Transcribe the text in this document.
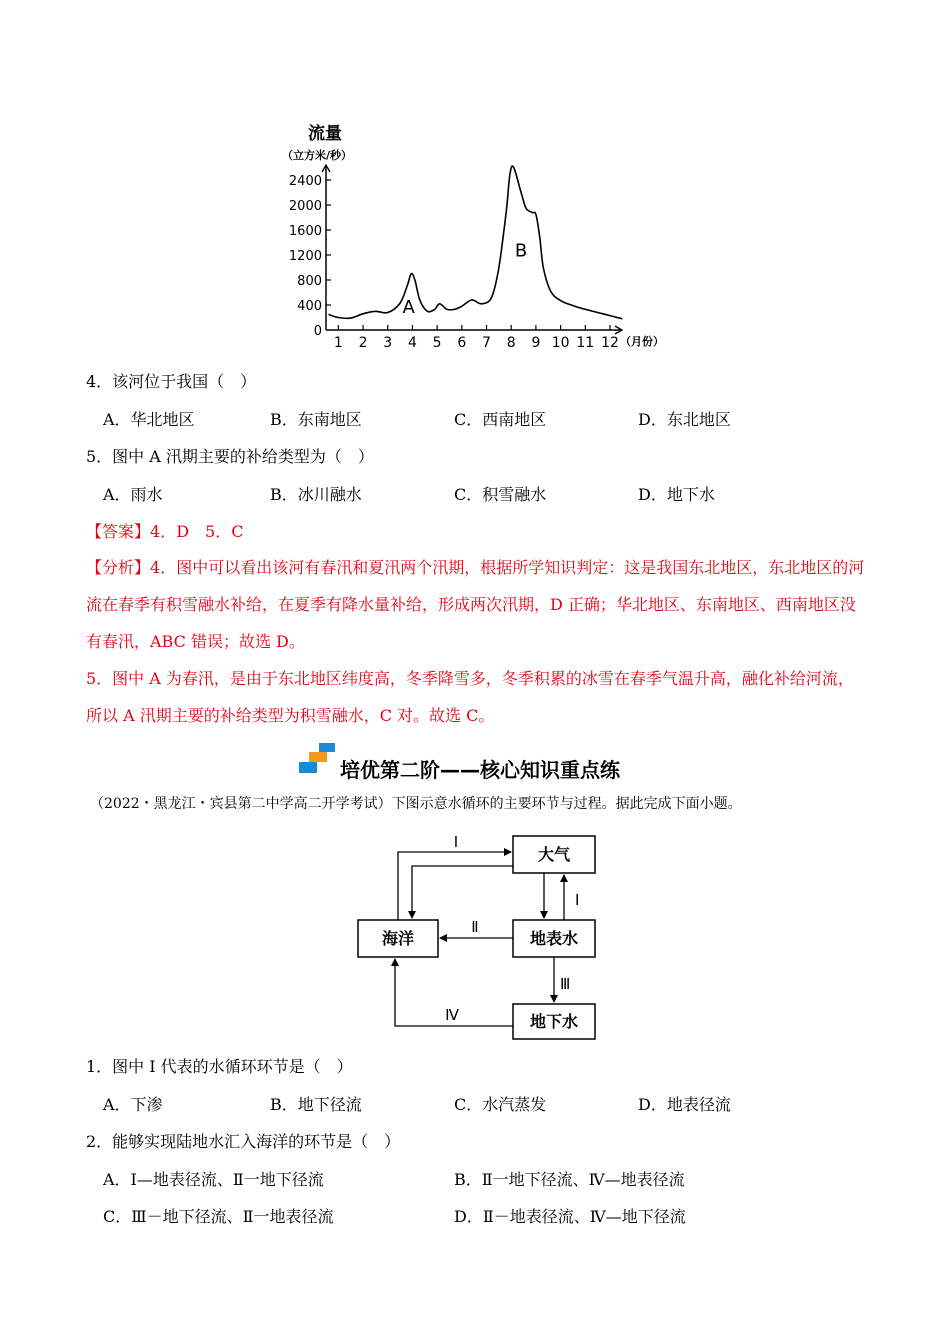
流量
（立方米/秒）
2400
2000
1600
1200
800
400
0
1 2 3 4 5 6 7 8 9 10 11 12 （月份）
A
B
4．该河位于我国（　）
A．华北地区	B．东南地区	C．西南地区	D．东北地区
5．图中 A 汛期主要的补给类型为（　）
A．雨水	B．冰川融水	C．积雪融水	D．地下水
【答案】4．D　5．C
【分析】4．图中可以看出该河有春汛和夏汛两个汛期，根据所学知识判定：这是我国东北地区，东北地区的河流在春季有积雪融水补给，在夏季有降水量补给，形成两次汛期，D 正确；华北地区、东南地区、西南地区没有春汛，ABC 错误；故选 D。
5．图中 A 为春汛，是由于东北地区纬度高，冬季降雪多，冬季积累的冰雪在春季气温升高，融化补给河流，所以 A 汛期主要的补给类型为积雪融水，C 对。故选 C。
培优第二阶——核心知识重点练
（2022・黑龙江・宾县第二中学高二开学考试）下图示意水循环的主要环节与过程。据此完成下面小题。
大气
海洋	地表水
地下水
Ⅰ
Ⅰ
Ⅱ
Ⅲ
Ⅳ
1．图中 Ⅰ 代表的水循环环节是（　）
A．下渗	B．地下径流	C．水汽蒸发	D．地表径流
2．能够实现陆地水汇入海洋的环节是（　）
A．Ⅰ—地表径流、Ⅱ一地下径流	B．Ⅱ一地下径流、Ⅳ—地表径流
C．Ⅲ－地下径流、Ⅱ一地表径流	D．Ⅱ－地表径流、Ⅳ—地下径流
